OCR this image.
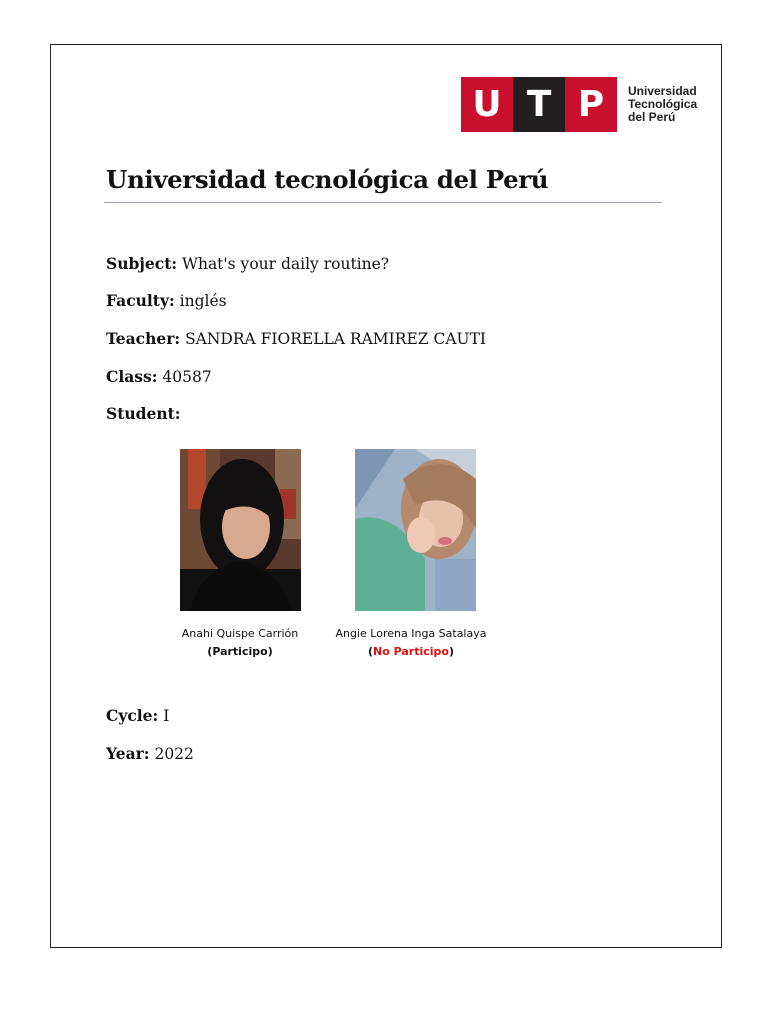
U T P	Universidad
Tecnológica
del Perú
Universidad tecnológica del Perú
Subject: What's your daily routine?
Faculty: inglés
Teacher: SANDRA FIORELLA RAMIREZ CAUTI
Class: 40587
Student:
Anahi Quispe Carrión
(Participo)
Angie Lorena Inga Satalaya
(No Participo)
Cycle: I
Year: 2022
